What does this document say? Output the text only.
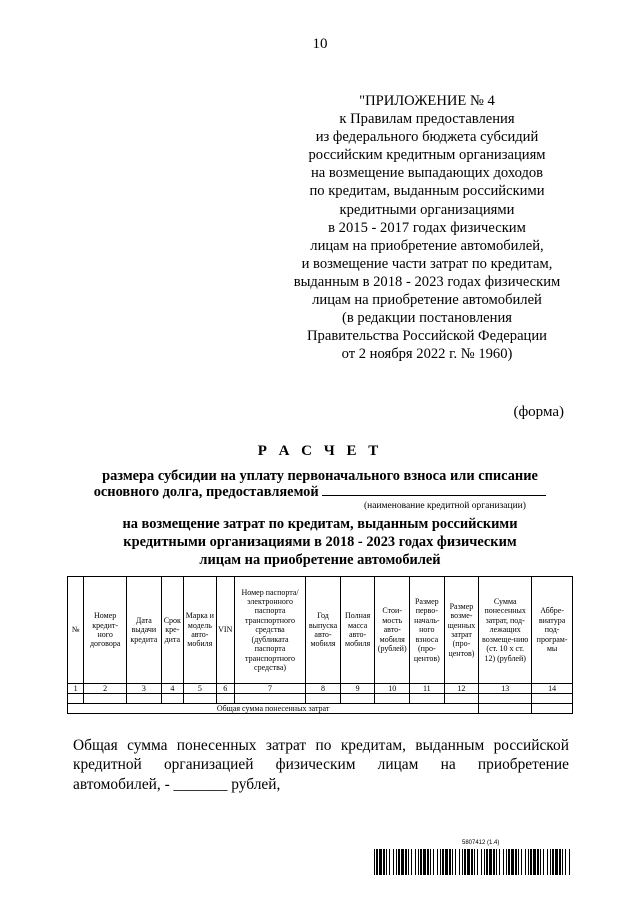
10
"ПРИЛОЖЕНИЕ № 4
к Правилам предоставления
из федерального бюджета субсидий
российским кредитным организациям
на возмещение выпадающих доходов
по кредитам, выданным российскими
кредитными организациями
в 2015 - 2017 годах физическим
лицам на приобретение автомобилей,
и возмещение части затрат по кредитам,
выданным в 2018 - 2023 годах физическим
лицам на приобретение автомобилей
(в редакции постановления
Правительства Российской Федерации
от 2 ноября 2022 г. № 1960)
(форма)
Р А С Ч Е Т
размера субсидии на уплату первоначального взноса или списание
основного долга, предоставляемой
(наименование кредитной организации)
на возмещение затрат по кредитам, выданным российскими
кредитными организациями в 2018 - 2023 годах физическим
лицам на приобретение автомобилей
№	Номер кредит-ного договора	Дата выдачи кредита	Срок кре-дита	Марка и модель авто-мобиля	VIN	Номер паспорта/ электронного паспорта транспортного средства (дубликата паспорта транспортного средства)	Год выпуска авто-мобиля	Полная масса авто-мобиля	Стои-мость авто-мобиля (рублей)	Размер перво-началь-ного взноса (про-центов)	Размер возме-щенных затрат (про-центов)	Сумма понесенных затрат, под-лежащих возмеще-нию (ст. 10 х ст. 12) (рублей)	Аббре-виатура под-програм-мы
1	2	3	4	5	6	7	8	9	10	11	12	13	14

Общая сумма понесенных затрат													
Общая сумма понесенных затрат по кредитам, выданным российской
кредитной организацией физическим лицам на приобретение
автомобилей, - _______ рублей,
5807412 (1.4)
